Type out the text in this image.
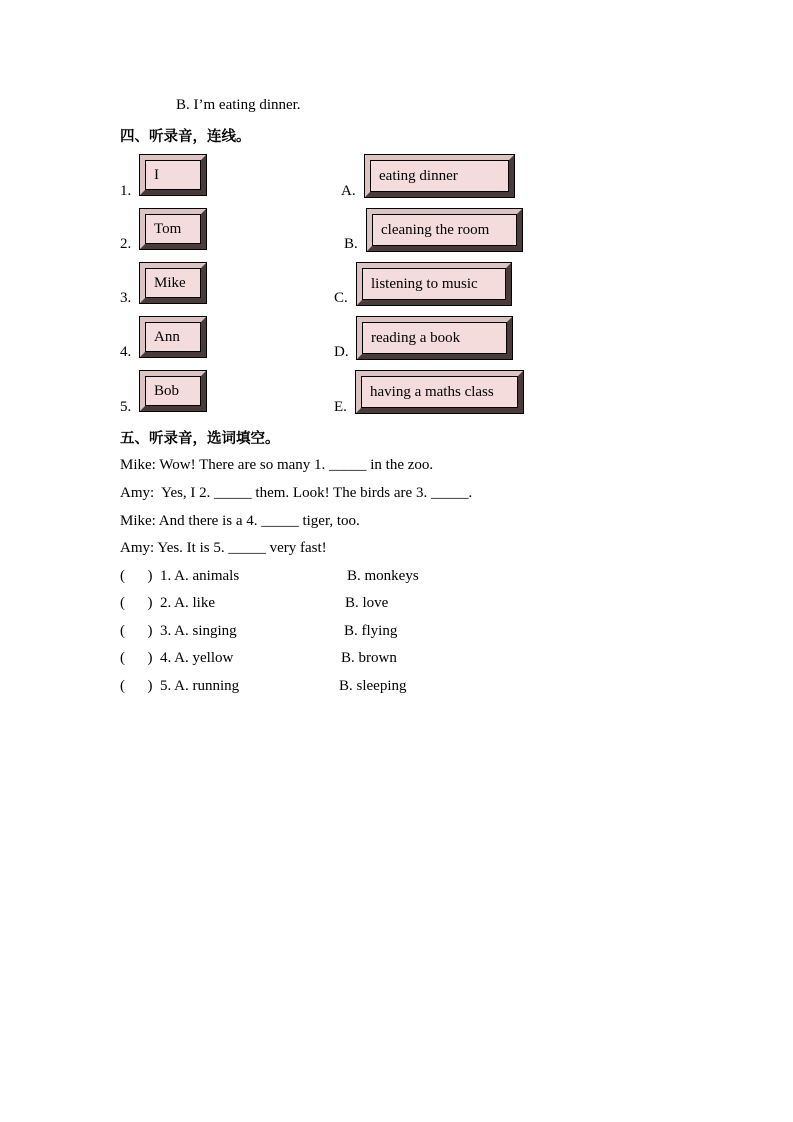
B. I’m eating dinner.
四、听录音，连线。
1.
I
2.
Tom
3.
Mike
4.
Ann
5.
Bob
A.
eating dinner
B.
cleaning the room
C.
listening to music
D.
reading a book
E.
having a maths class
五、听录音，选词填空。
Mike: Wow! There are so many 1. _____ in the zoo.
Amy:  Yes, I 2. _____ them. Look! The birds are 3. _____.
Mike: And there is a 4. _____ tiger, too.
Amy: Yes. It is 5. _____ very fast!
(      ) 1. A. animals	B. monkeys
(      ) 2. A. like	B. love
(      ) 3. A. singing	B. flying
(      ) 4. A. yellow	B. brown
(      ) 5. A. running	B. sleeping
